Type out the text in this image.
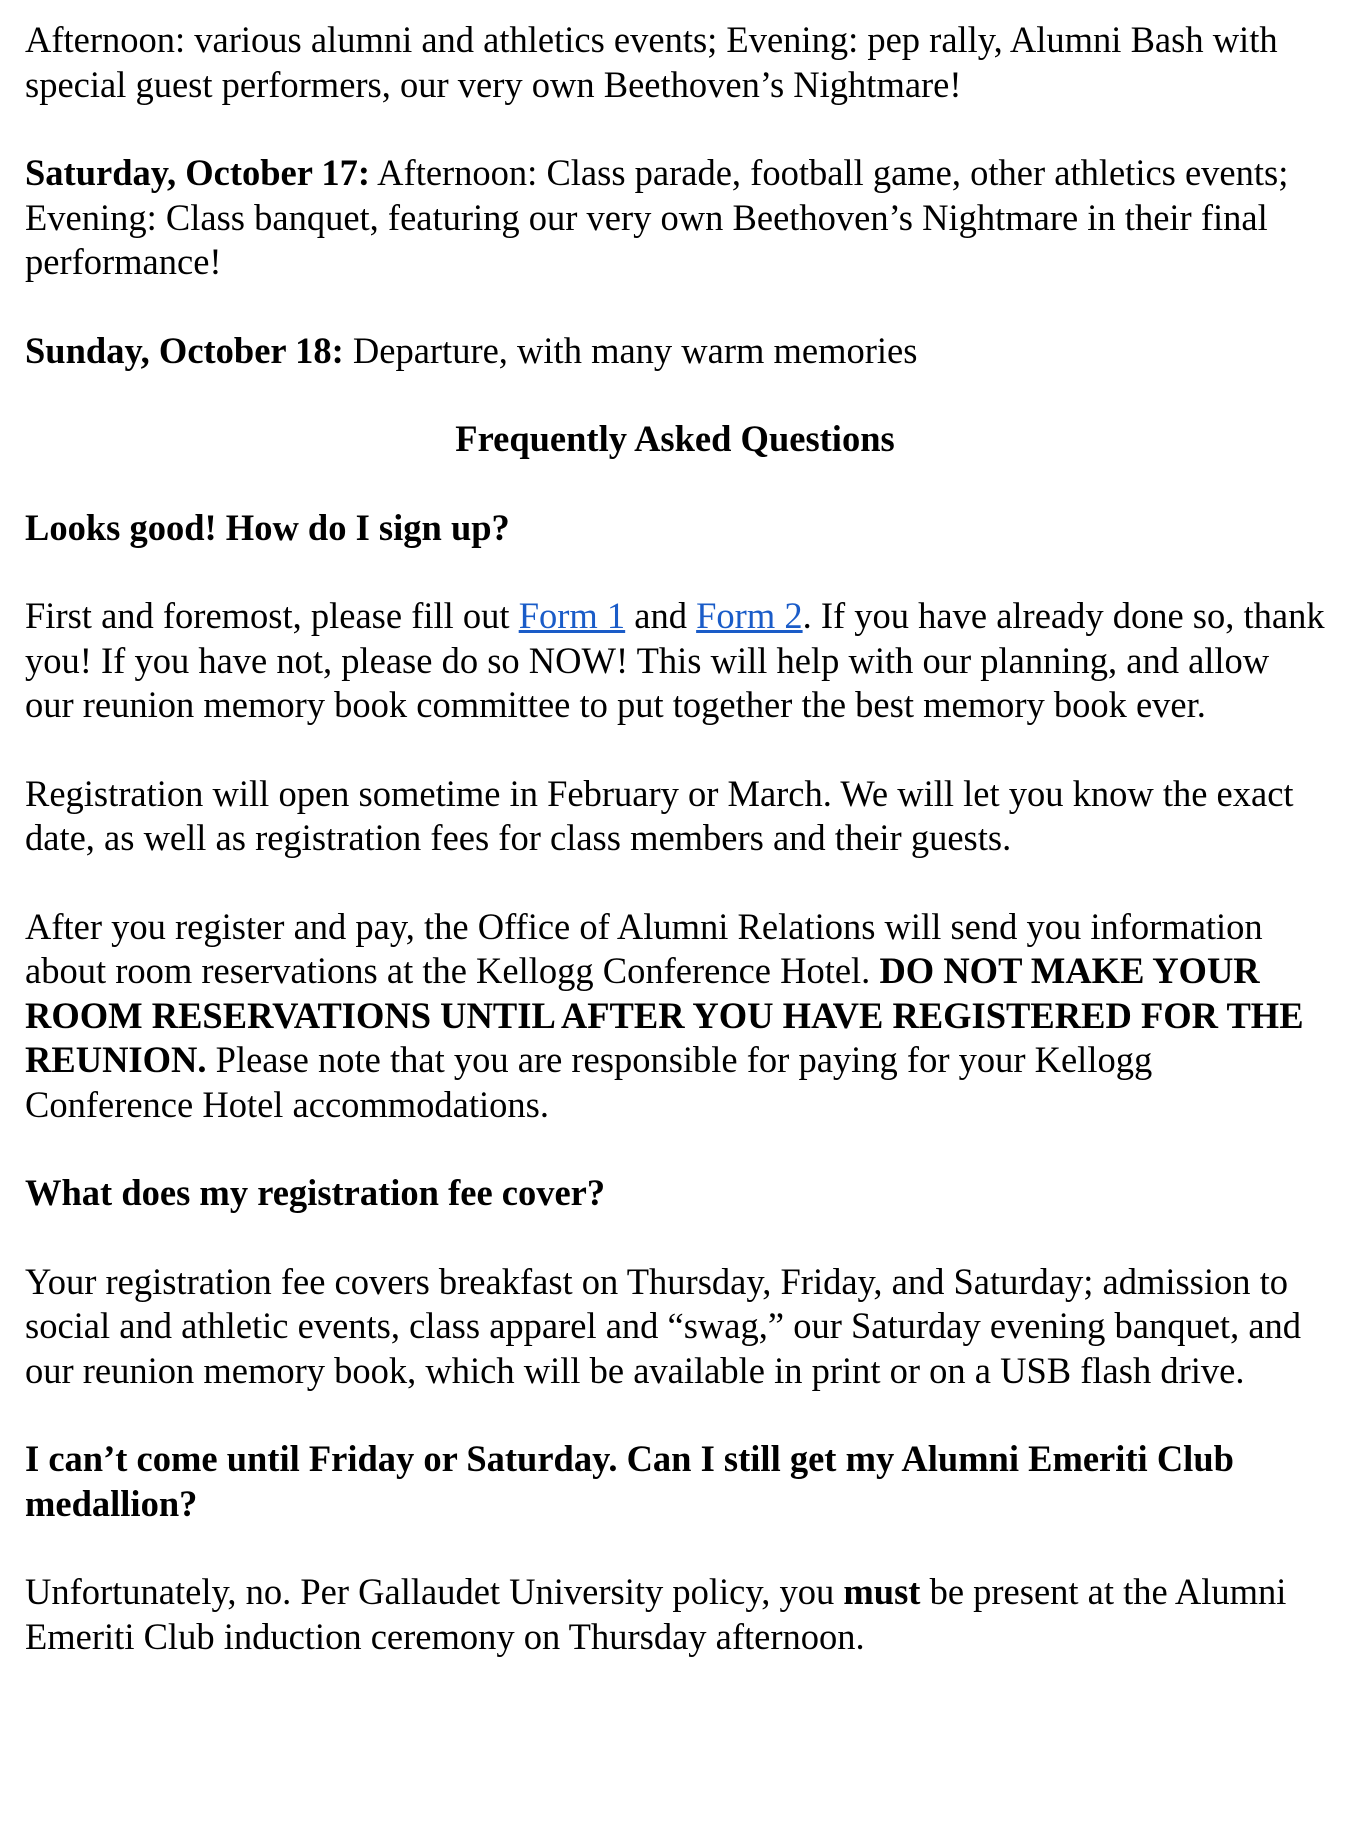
Afternoon: various alumni and athletics events; Evening: pep rally, Alumni Bash with special guest performers, our very own Beethoven’s Nightmare!

Saturday, October 17: Afternoon: Class parade, football game, other athletics events; Evening: Class banquet, featuring our very own Beethoven’s Nightmare in their final performance!

Sunday, October 18: Departure, with many warm memories

Frequently Asked Questions
Looks good! How do I sign up?

First and foremost, please fill out Form 1 and Form 2. If you have already done so, thank you! If you have not, please do so NOW! This will help with our planning, and allow our reunion memory book committee to put together the best memory book ever.

Registration will open sometime in February or March. We will let you know the exact date, as well as registration fees for class members and their guests.

After you register and pay, the Office of Alumni Relations will send you information about room reservations at the Kellogg Conference Hotel. DO NOT MAKE YOUR ROOM RESERVATIONS UNTIL AFTER YOU HAVE REGISTERED FOR THE REUNION. Please note that you are responsible for paying for your Kellogg Conference Hotel accommodations.

What does my registration fee cover?

Your registration fee covers breakfast on Thursday, Friday, and Saturday; admission to social and athletic events, class apparel and “swag,” our Saturday evening banquet, and our reunion memory book, which will be available in print or on a USB flash drive.

I can’t come until Friday or Saturday. Can I still get my Alumni Emeriti Club medallion?

Unfortunately, no. Per Gallaudet University policy, you must be present at the Alumni Emeriti Club induction ceremony on Thursday afternoon.
